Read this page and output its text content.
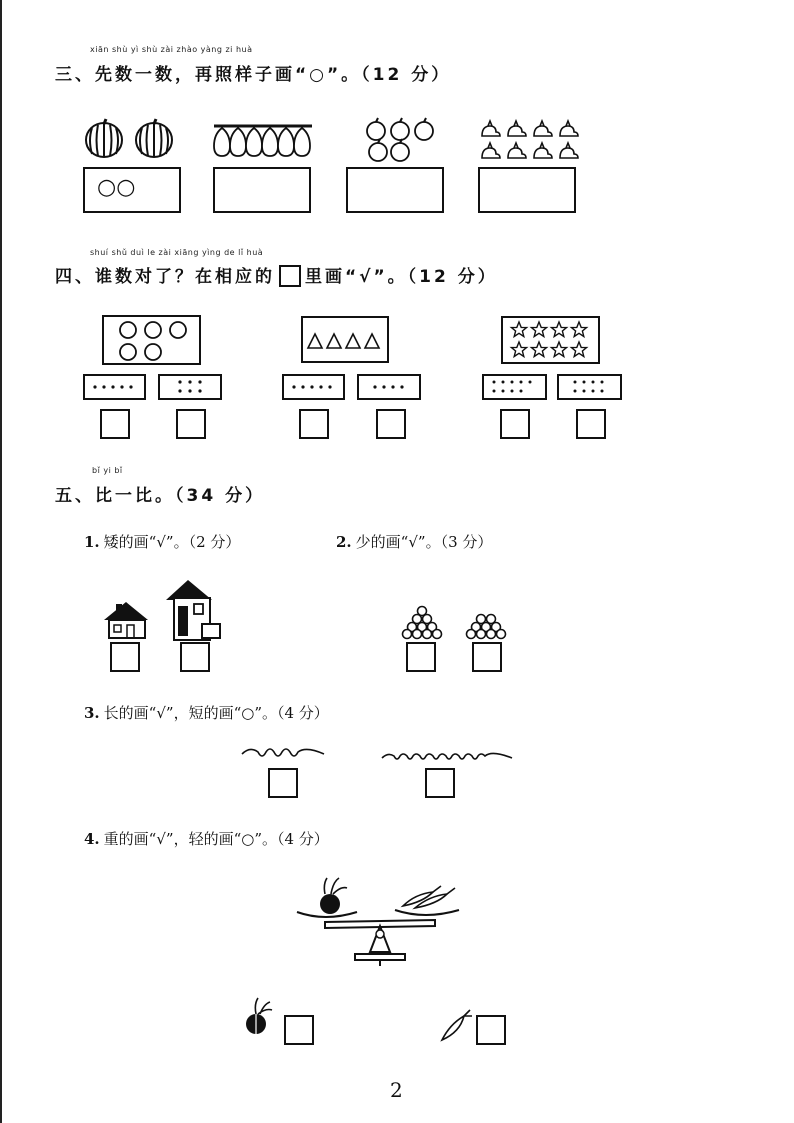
xiān shù yì shù zài zhào yàng zi huà
三、先数一数，再照样子画“○”。（12 分）
○○
shuí shǔ duì le zài xiāng yìng de lǐ huà
四、谁数对了？在相应的 里画“√”。（12 分）
bǐ yi bǐ
五、比一比。（34 分）
1. 矮的画“√”。（2 分）	2. 少的画“√”。（3 分）
3. 长的画“√”，短的画“○”。（4 分）
4. 重的画“√”，轻的画“○”。（4 分）
2
